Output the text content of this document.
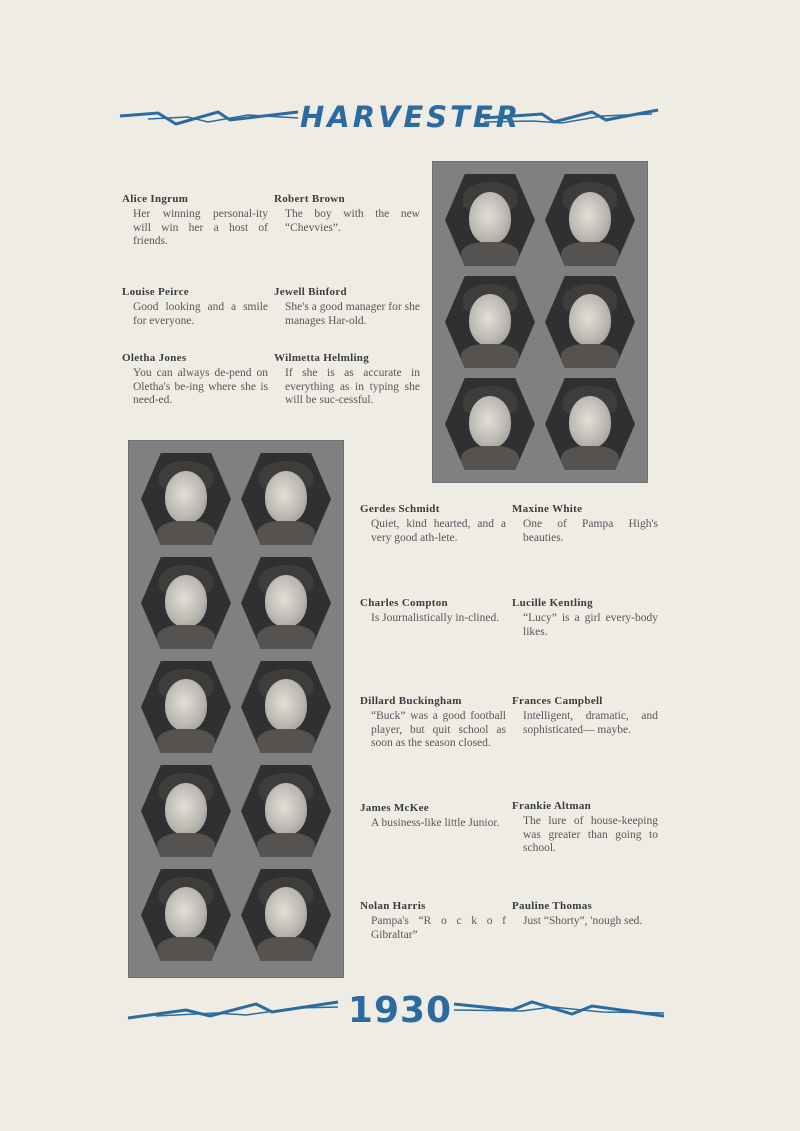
HARVESTER
Alice Ingrum
Her winning personal-ity will win her a host of friends.
Robert Brown
The boy with the new “Chevvies”.
Louise Peirce
Good looking and a smile for everyone.
Jewell Binford
She's a good manager for she manages Har-old.
Oletha Jones
You can always de-pend on Oletha's be-ing where she is need-ed.
Wilmetta Helmling
If she is as accurate in everything as in typing she will be suc-cessful.
Gerdes Schmidt
Quiet, kind hearted, and a very good ath-lete.
Maxine White
One of Pampa High's beauties.
Charles Compton
Is Journalistically in-clined.
Lucille Kentling
“Lucy” is a girl every-body likes.
Dillard Buckingham
“Buck” was a good football player, but quit school as soon as the season closed.
Frances Campbell
Intelligent, dramatic, and sophisticated— maybe.
James McKee
A business-like little Junior.
Frankie Altman
The lure of house-keeping was greater than going to school.
Nolan Harris
Pampa's “R o c k o f Gibraltar”
Pauline Thomas
Just “Shorty”, 'nough sed.
1930
